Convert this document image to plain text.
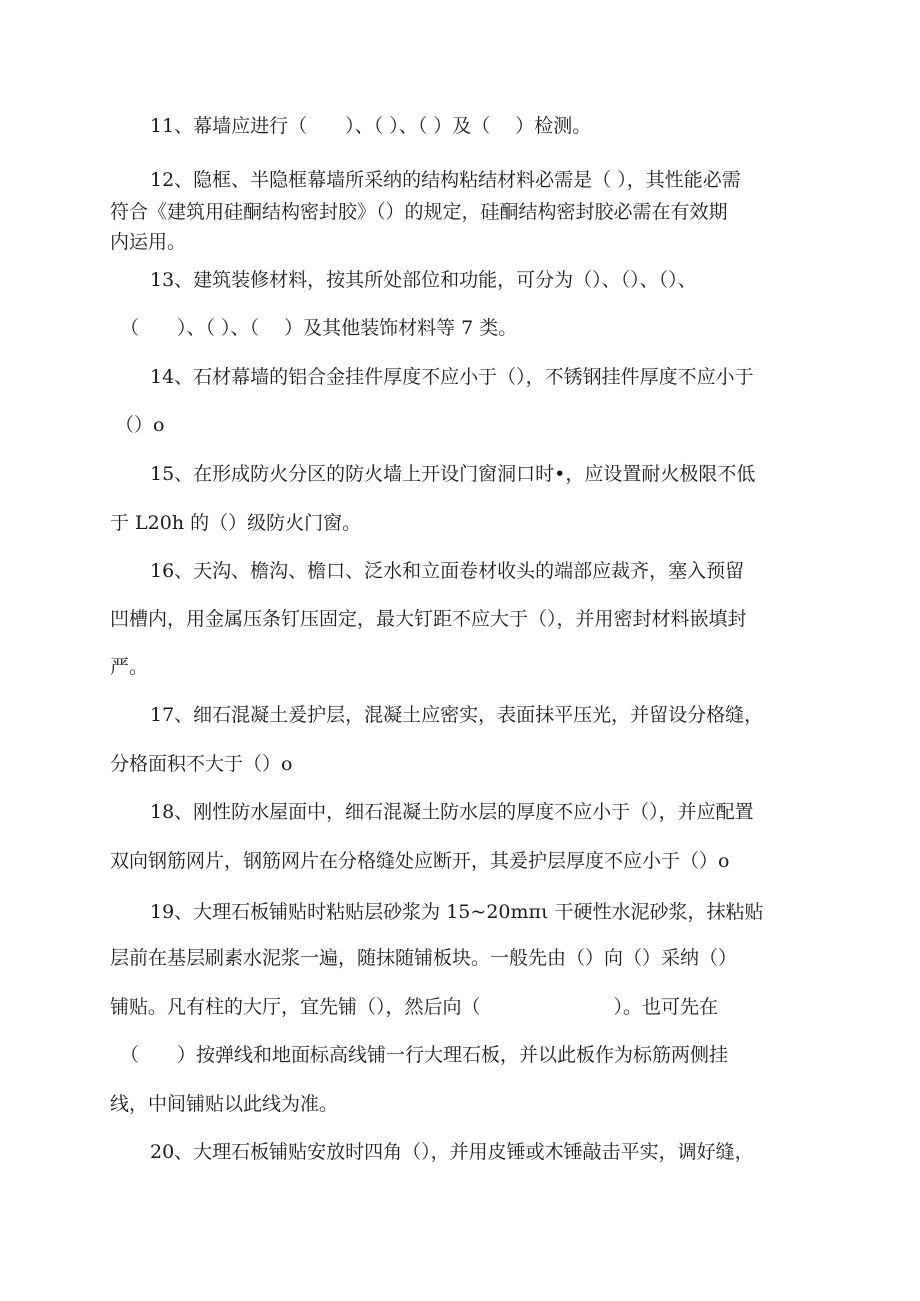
11、幕墙应进行（　　）、（ ）、（ ）及（　 ）检测。
12、隐框、半隐框幕墙所采纳的结构粘结材料必需是（ ），其性能必需
符合《建筑用硅酮结构密封胶》（）的规定，硅酮结构密封胶必需在有效期
内运用。
13、建筑装修材料，按其所处部位和功能，可分为（）、（）、（）、
（　　）、（ ）、（　 ）及其他装饰材料等 7 类。
14、石材幕墙的铝合金挂件厚度不应小于（），不锈钢挂件厚度不应小于
（）o
15、在形成防火分区的防火墙上开设门窗洞口时•，应设置耐火极限不低
于 L20h 的（）级防火门窗。
16、天沟、檐沟、檐口、泛水和立面卷材收头的端部应裁齐，塞入预留
凹槽内，用金属压条钉压固定，最大钉距不应大于（），并用密封材料嵌填封
严。
17、细石混凝土爰护层，混凝土应密实，表面抹平压光，并留设分格缝，
分格面积不大于（）o
18、刚性防水屋面中，细石混凝土防水层的厚度不应小于（），并应配置
双向钢筋网片，钢筋网片在分格缝处应断开，其爰护层厚度不应小于（）o
19、大理石板铺贴时粘贴层砂浆为 15~20mπι 干硬性水泥砂浆，抹粘贴
层前在基层刷素水泥浆一遍，随抹随铺板块。一般先由（）向（）采纳（）
铺贴。凡有柱的大厅，宜先铺（），然后向（　　　　　　　）。也可先在
（　　）按弹线和地面标高线铺一行大理石板，并以此板作为标筋两侧挂
线，中间铺贴以此线为准。
20、大理石板铺贴安放时四角（），并用皮锤或木锤敲击平实，调好缝，
